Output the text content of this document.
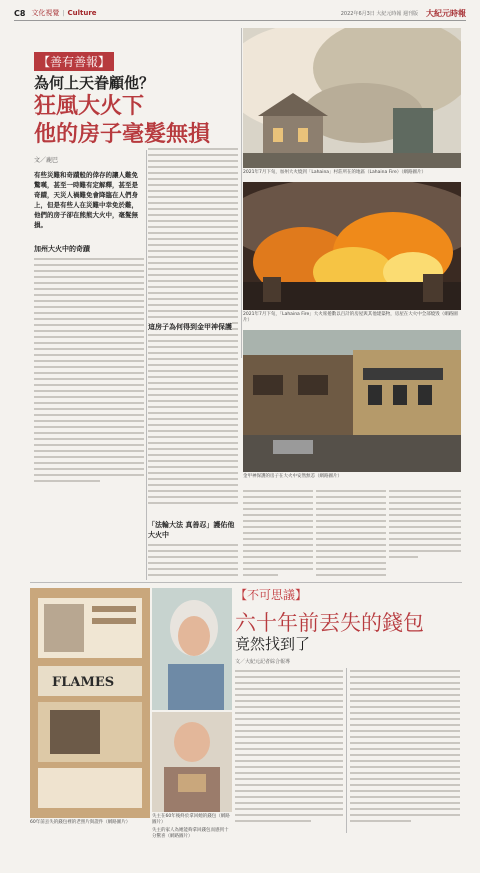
C8 文化視覺 | Culture	2022年6月3日 大紀元時報 週刊版 大紀元時報
【善有善報】
為何上天眷顧他？
狂風大火下
他的房子毫髮無損
文／鹿巴
有些災難和奇蹟般的倖存的讓人難免驚嘆，甚至一時難有定解釋，甚至是奇蹟，天災人禍難免會降臨在人們身上，但是有些人在災難中幸免於難，他們的房子卻在熊熊大火中，毫髮無損。
加州大火中的奇蹟
這房子為何得到金甲神保護
「法輪大法 真善忍」護佑他大火中
2021年7月下旬，加州大火燒到「Lahaina」村莊所在的地區（Lahaina Fire）（網路圖片）
2021年7月下旬，「Lahaina Fire」大火席捲數以百計的房屋與其他建築物，房屋在大火中全部燒毀（網路圖片）
金甲神保護的房子在大火中安然無恙（網路圖片）
FLAMES
60年前丟失的錢包裡的老照片與證件（網路圖片）
失主在60年後終於拿回她的錢包（網路圖片）
失主的家人為她能夠拿回錢包而感到十分驚喜（網路圖片）
【不可思議】
六十年前丟失的錢包
竟然找到了
文／大紀元記者綜合報導
